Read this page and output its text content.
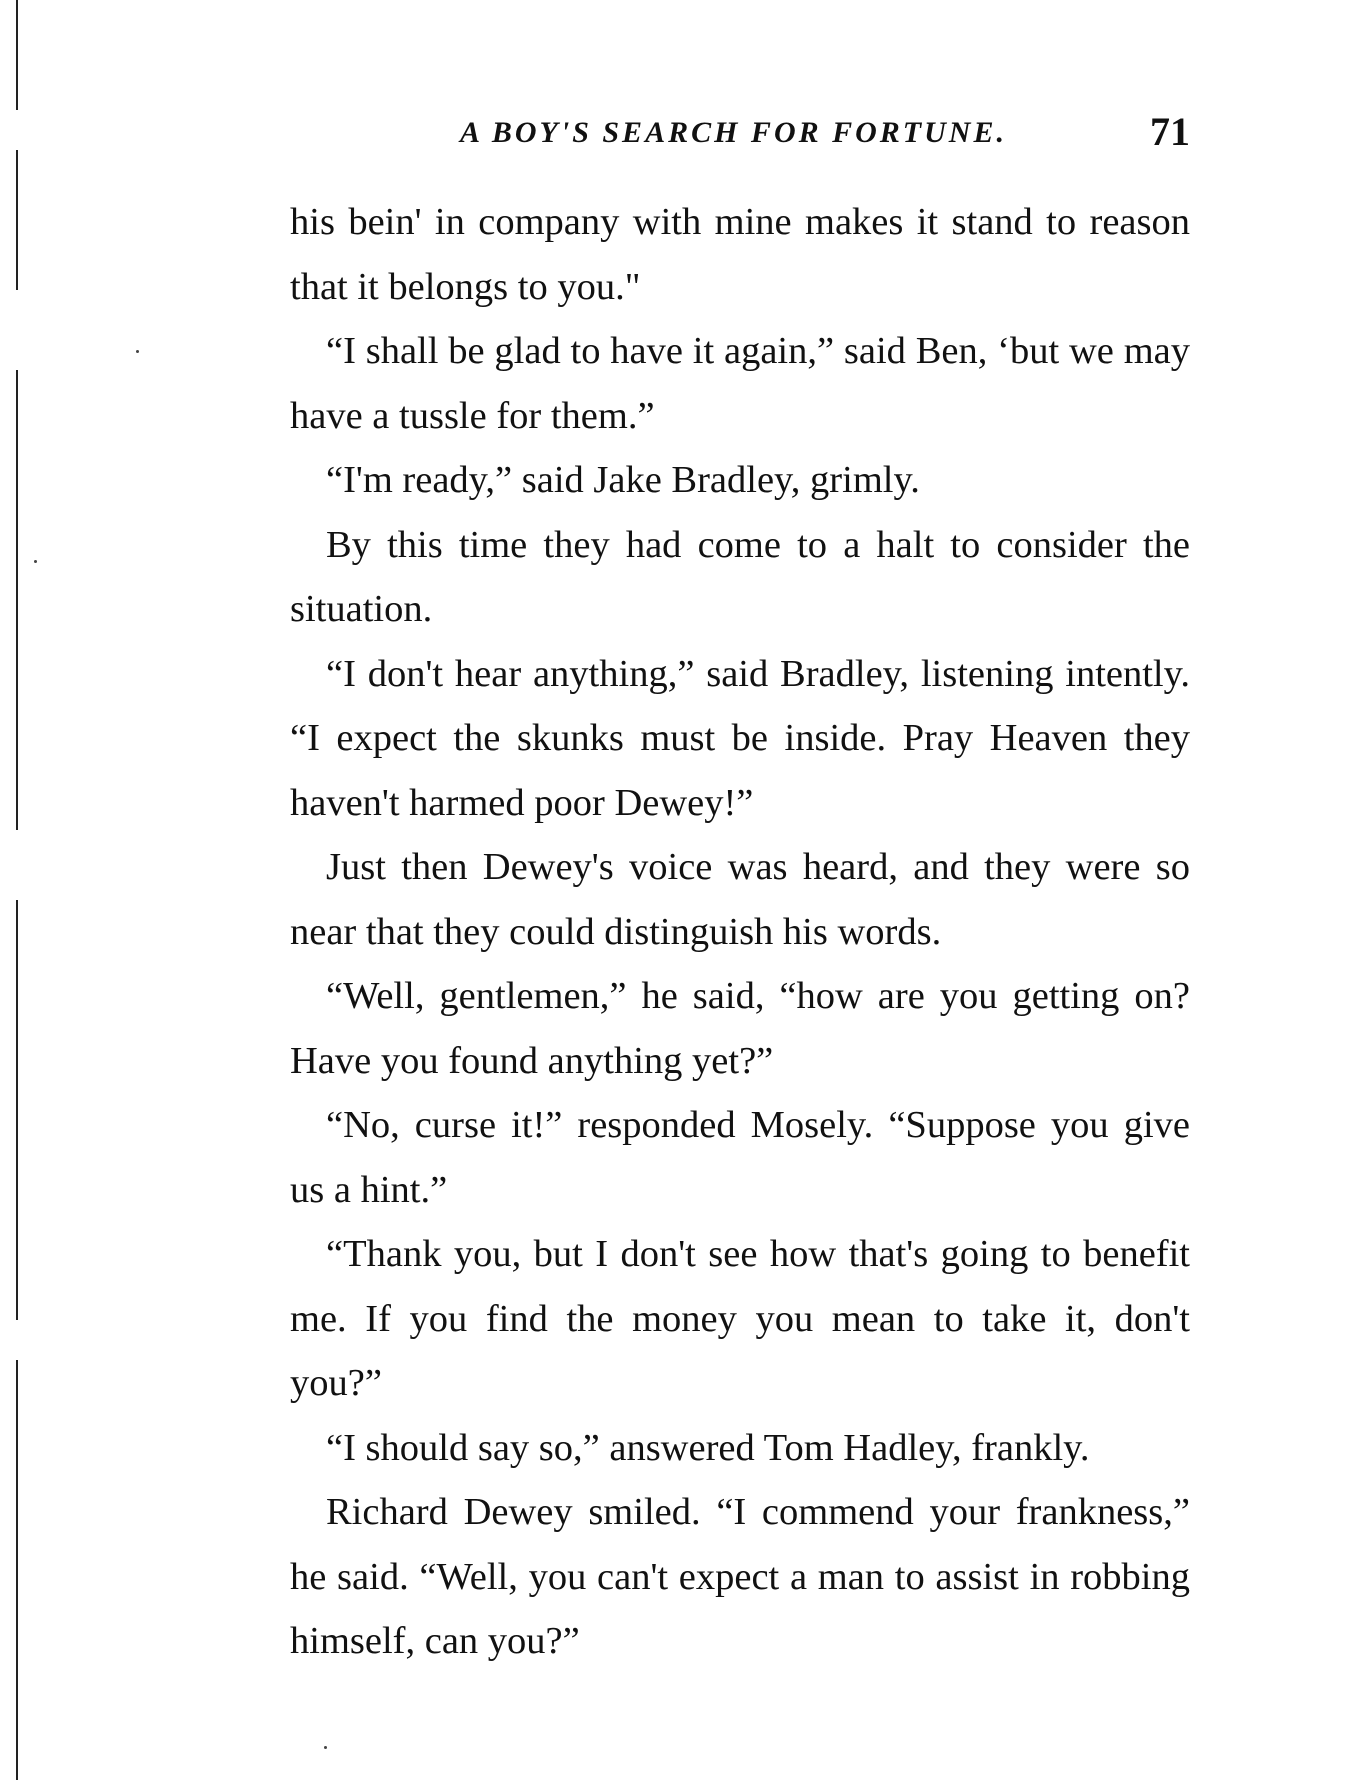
A BOY'S SEARCH FOR FORTUNE.	71

his bein' in company with mine makes it stand to reason that it belongs to you."

“I shall be glad to have it again,” said Ben, ‘but we may have a tussle for them.”

“I'm ready,” said Jake Bradley, grimly.

By this time they had come to a halt to consider the situation.

“I don't hear anything,” said Bradley, listening intently. “I expect the skunks must be inside. Pray Heaven they haven't harmed poor Dewey!”

Just then Dewey's voice was heard, and they were so near that they could distinguish his words.

“Well, gentlemen,” he said, “how are you getting on? Have you found anything yet?”

“No, curse it!” responded Mosely. “Suppose you give us a hint.”

“Thank you, but I don't see how that's going to benefit me. If you find the money you mean to take it, don't you?”

“I should say so,” answered Tom Hadley, frankly.

Richard Dewey smiled. “I commend your frankness,” he said. “Well, you can't expect a man to assist in robbing himself, can you?”
